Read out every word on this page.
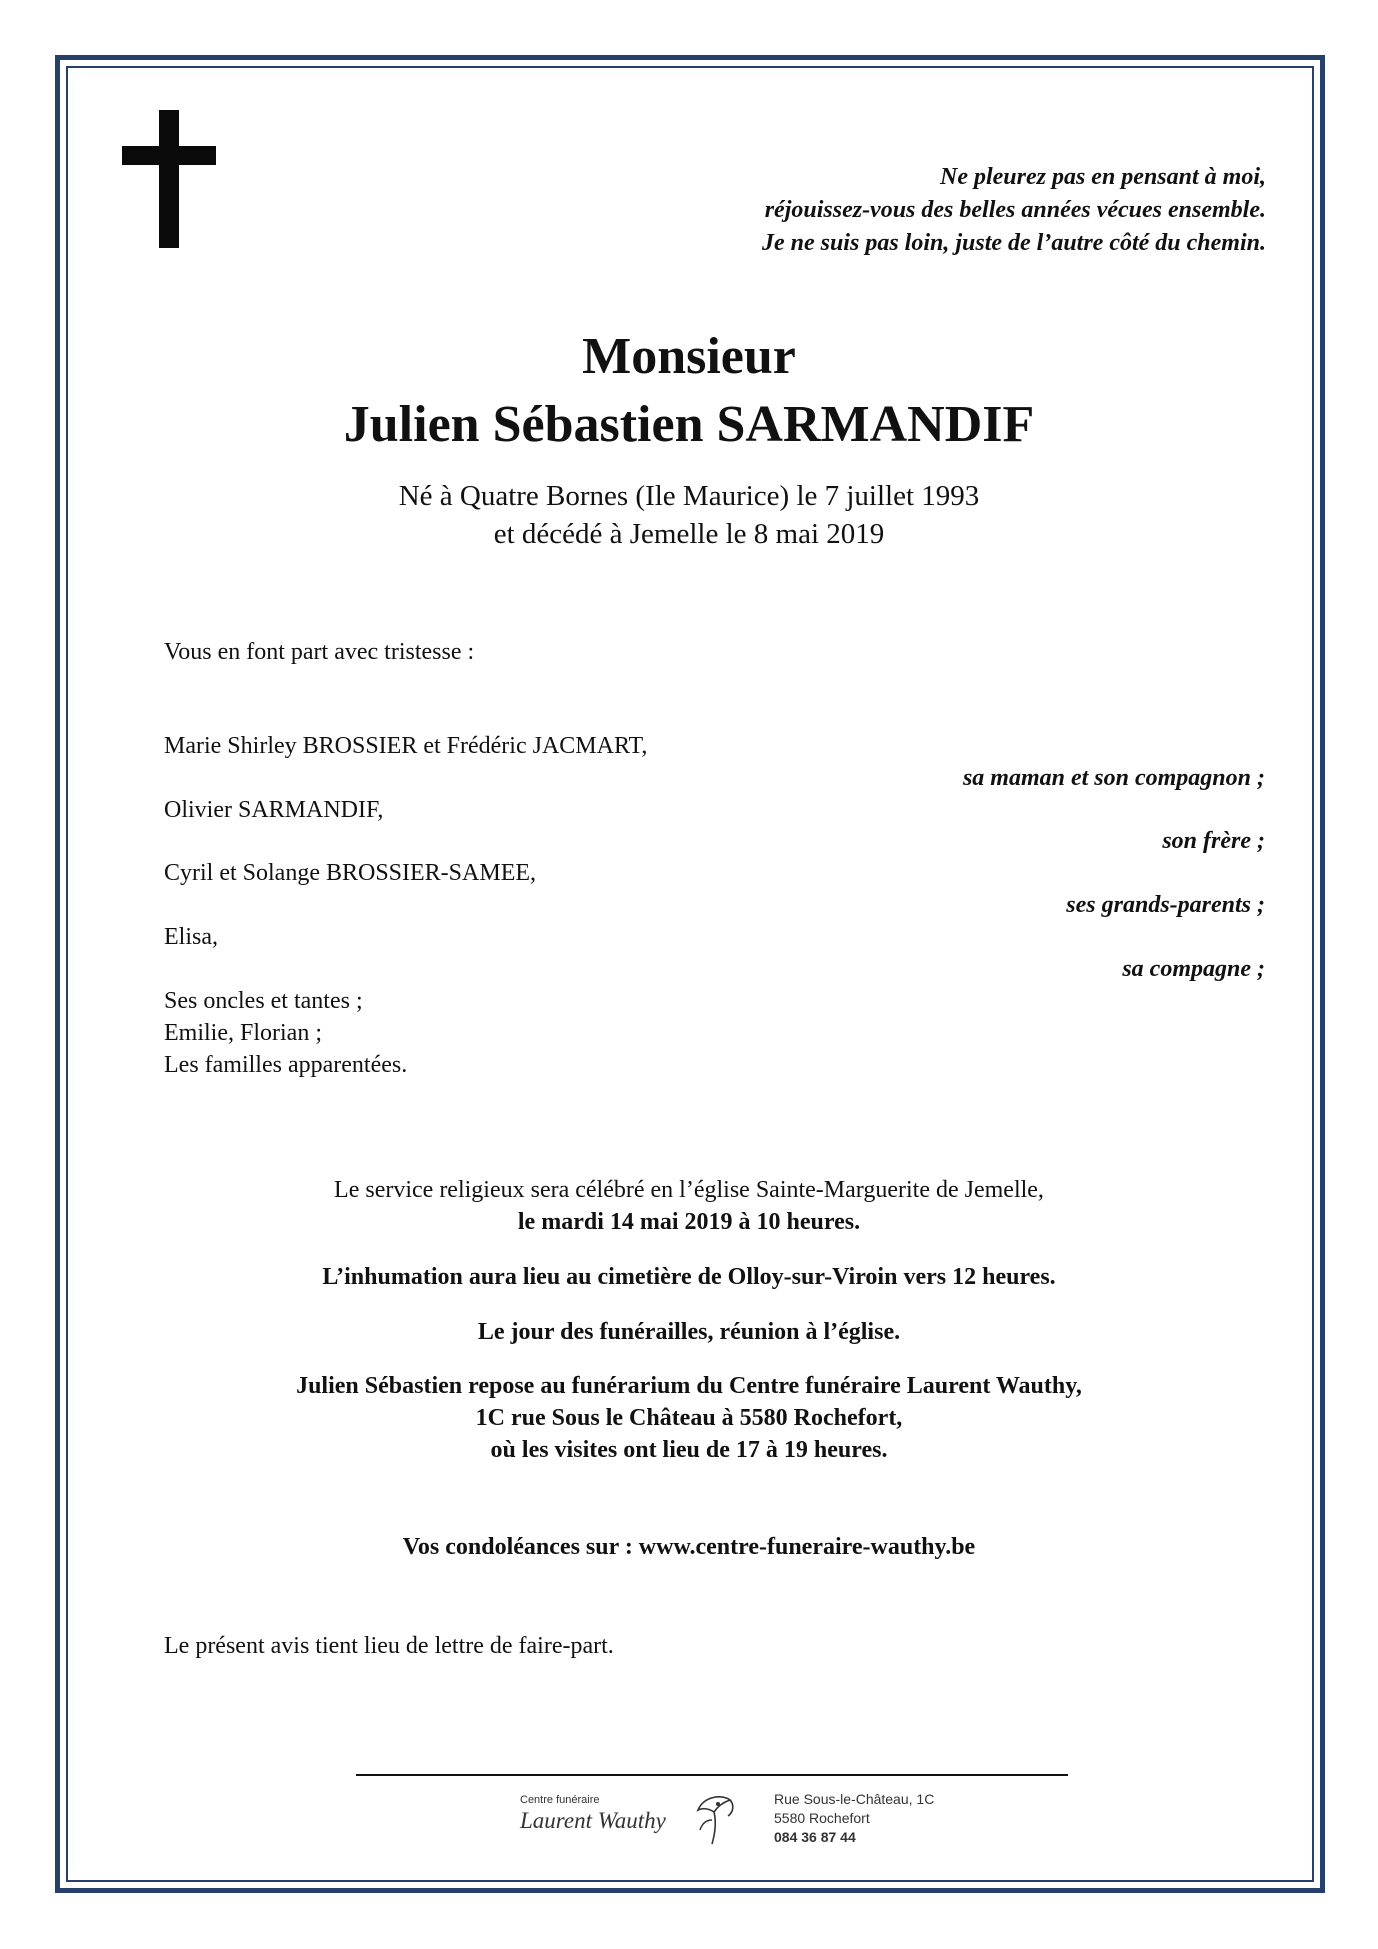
Ne pleurez pas en pensant à moi,
réjouissez-vous des belles années vécues ensemble.
Je ne suis pas loin, juste de l’autre côté du chemin.
Monsieur
Julien Sébastien SARMANDIF
Né à Quatre Bornes (Ile Maurice) le 7 juillet 1993
et décédé à Jemelle le 8 mai 2019
Vous en font part avec tristesse :
Marie Shirley BROSSIER et Frédéric JACMART,
sa maman et son compagnon ;
Olivier SARMANDIF,
son frère ;
Cyril et Solange BROSSIER-SAMEE,
ses grands-parents ;
Elisa,
sa compagne ;
Ses oncles et tantes ;
Emilie, Florian ;
Les familles apparentées.
Le service religieux sera célébré en l’église Sainte-Marguerite de Jemelle,
le mardi 14 mai 2019 à 10 heures.
L’inhumation aura lieu au cimetière de Olloy-sur-Viroin vers 12 heures.
Le jour des funérailles, réunion à l’église.
Julien Sébastien repose au funérarium du Centre funéraire Laurent Wauthy,
1C rue Sous le Château à 5580 Rochefort,
où les visites ont lieu de 17 à 19 heures.
Vos condoléances sur : www.centre-funeraire-wauthy.be
Le présent avis tient lieu de lettre de faire-part.
Centre funéraire
Laurent Wauthy
Rue Sous-le-Château, 1C
5580 Rochefort
084 36 87 44
